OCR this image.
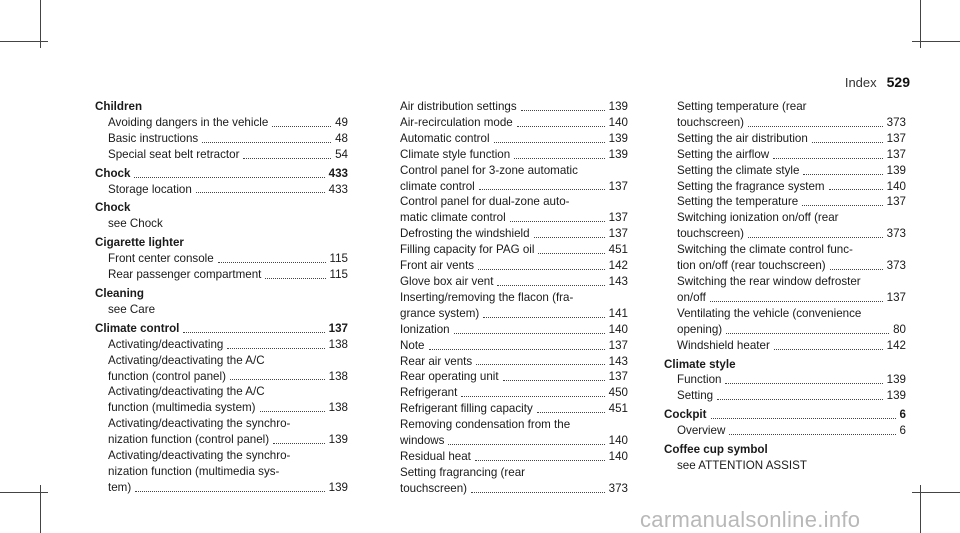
Index 529
Children
Avoiding dangers in the vehicle	49
Basic instructions	48
Special seat belt retractor	54
Chock	433
Storage location	433
Chock
see Chock
Cigarette lighter
Front center console	115
Rear passenger compartment	115
Cleaning
see Care
Climate control	137
Activating/deactivating	138
Activating/deactivating the A/C
function (control panel)	138
Activating/deactivating the A/C
function (multimedia system)	138
Activating/deactivating the synchro-
nization function (control panel)	139
Activating/deactivating the synchro-
nization function (multimedia sys-
tem)	139
Air distribution settings	139
Air-recirculation mode	140
Automatic control	139
Climate style function	139
Control panel for 3-zone automatic
climate control	137
Control panel for dual-zone auto-
matic climate control	137
Defrosting the windshield	137
Filling capacity for PAG oil	451
Front air vents	142
Glove box air vent	143
Inserting/removing the flacon (fra-
grance system)	141
Ionization	140
Note	137
Rear air vents	143
Rear operating unit	137
Refrigerant	450
Refrigerant filling capacity	451
Removing condensation from the
windows	140
Residual heat	140
Setting fragrancing (rear
touchscreen)	373
Setting temperature (rear
touchscreen)	373
Setting the air distribution	137
Setting the airflow	137
Setting the climate style	139
Setting the fragrance system	140
Setting the temperature	137
Switching ionization on/off (rear
touchscreen)	373
Switching the climate control func-
tion on/off (rear touchscreen)	373
Switching the rear window defroster
on/off	137
Ventilating the vehicle (convenience
opening)	80
Windshield heater	142
Climate style
Function	139
Setting	139
Cockpit	6
Overview	6
Coffee cup symbol
see ATTENTION ASSIST
carmanualsonline.info
